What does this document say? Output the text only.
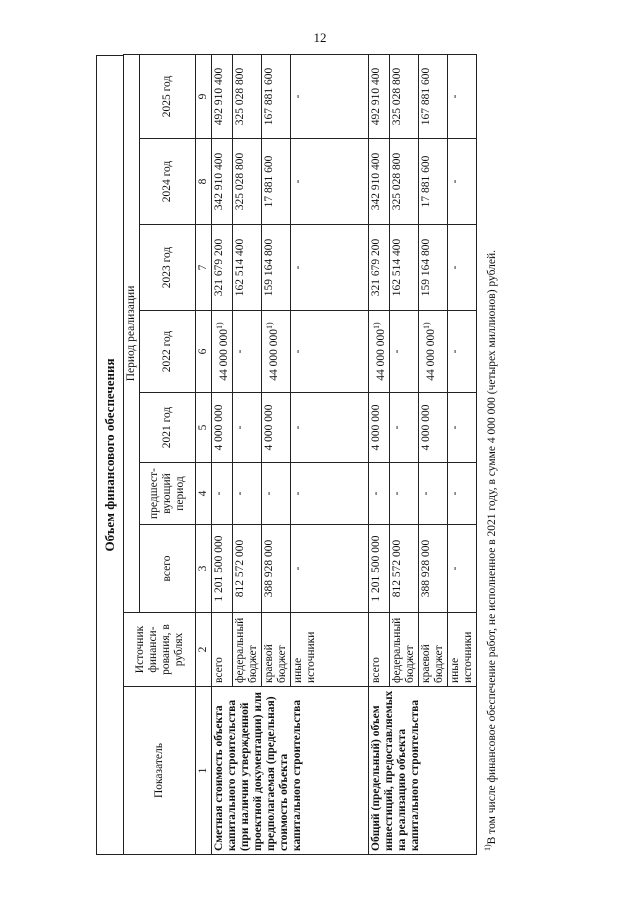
12
Объем финансового обеспечения
Показатель	Источник финанси-рования, в рублях	Период реализации						
		всего	предшест-вующий период	2021 год	2022 год	2023 год	2024 год	2025 год
1	2	3	4	5	6	7	8	9
Сметная стоимость объекта капитального строительства (при наличии утвержденной проектной документации) или предполагаемая (предельная) стоимость объекта капитального строительства	всего	1 201 500 000	-	4 000 000	44 000 000$^{1)}$	321 679 200	342 910 400	492 910 400
	федеральный бюджет	812 572 000	-	-	-	162 514 400	325 028 800	325 028 800
	краевой бюджет	388 928 000	-	4 000 000	44 000 000$^{1)}$	159 164 800	17 881 600	167 881 600
	иные источники	-	-	-	-	-	-	-
Общий (предельный) объем инвестиций, предоставляемых на реализацию объекта капитального строительства	всего	1 201 500 000	-	4 000 000	44 000 000$^{1)}$	321 679 200	342 910 400	492 910 400
	федеральный бюджет	812 572 000	-	-	-	162 514 400	325 028 800	325 028 800
	краевой бюджет	388 928 000	-	4 000 000	44 000 000$^{1)}$	159 164 800	17 881 600	167 881 600
	иные источники	-	-	-	-	-	-	-
$^{1)}$В том числе финансовое обеспечение работ, не исполненное в 2021 году, в сумме 4 000 000 (четырех миллионов) рублей.
